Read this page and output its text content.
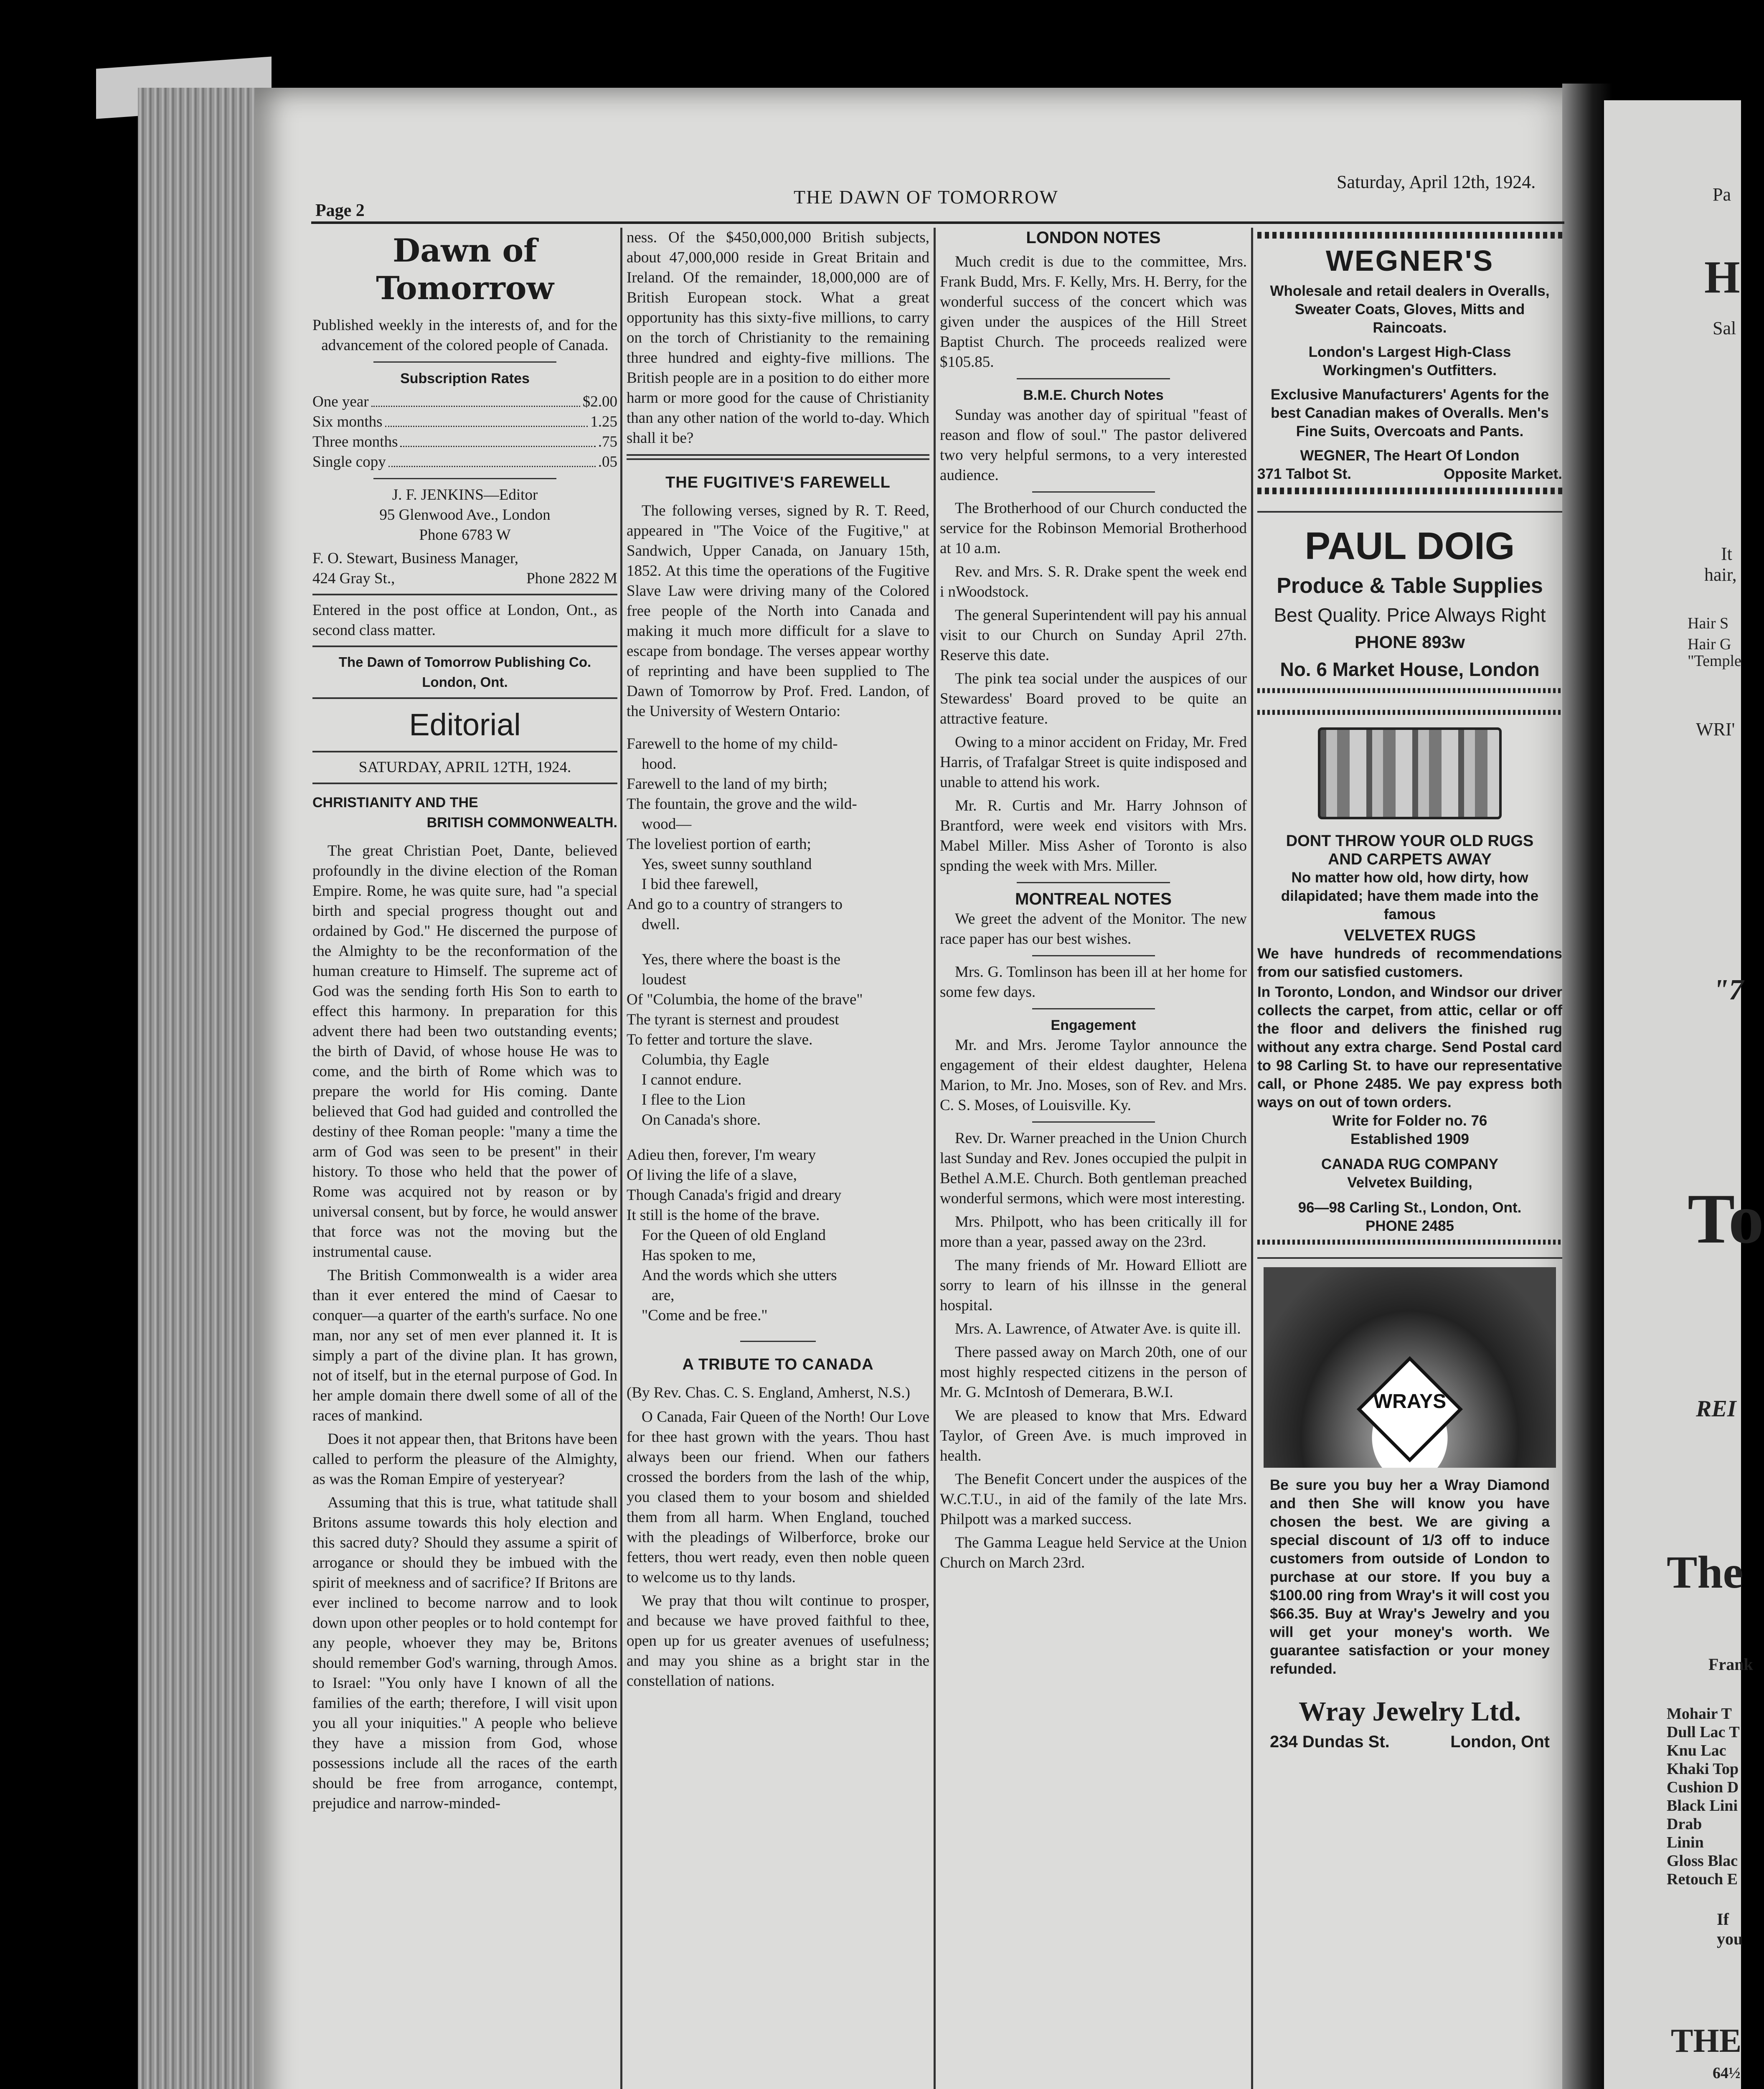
Page 2
THE DAWN OF TOMORROW
Saturday, April 12th, 1924.
Dawn of Tomorrow
Published weekly in the interests of, and for the advancement of the colored people of Canada.
Subscription Rates
One year	$2.00
Six months	1.25
Three months	.75
Single copy	.05
J. F. JENKINS—Editor
95 Glenwood Ave., London
Phone 6783 W
F. O. Stewart, Business Manager,
424 Gray St.,	Phone 2822 M
Entered in the post office at London, Ont., as second class matter.
The Dawn of Tomorrow Publishing Co.
London, Ont.
Editorial
SATURDAY, APRIL 12TH, 1924.
CHRISTIANITY AND THE
BRITISH COMMONWEALTH.

The great Christian Poet, Dante, believed profoundly in the divine election of the Roman Empire. Rome, he was quite sure, had "a special birth and special progress thought out and ordained by God." He discerned the purpose of the Almighty to be the reconformation of the human creature to Himself. The supreme act of God was the sending forth His Son to earth to effect this harmony. In preparation for this advent there had been two outstanding events; the birth of David, of whose house He was to come, and the birth of Rome which was to prepare the world for His coming. Dante believed that God had guided and controlled the destiny of thee Roman people: "many a time the arm of God was seen to be present" in their history. To those who held that the power of Rome was acquired not by reason or by universal consent, but by force, he would answer that force was not the moving but the instrumental cause.

The British Commonwealth is a wider area than it ever entered the mind of Caesar to conquer—a quarter of the earth's surface. No one man, nor any set of men ever planned it. It is simply a part of the divine plan. It has grown, not of itself, but in the eternal purpose of God. In her ample domain there dwell some of all of the races of mankind.

Does it not appear then, that Britons have been called to perform the pleasure of the Almighty, as was the Roman Empire of yesteryear?

Assuming that this is true, what tatitude shall Britons assume towards this holy election and this sacred duty? Should they assume a spirit of arrogance or should they be imbued with the spirit of meekness and of sacrifice? If Britons are ever inclined to become narrow and to look down upon other peoples or to hold contempt for any people, whoever they may be, Britons should remember God's warning, through Amos. to Israel: "You only have I known of all the families of the earth; therefore, I will visit upon you all your iniquities." A people who believe they have a mission from God, whose possessions include all the races of the earth should be free from arrogance, contempt, prejudice and narrow-minded-

ness. Of the $450,000,000 British subjects, about 47,000,000 reside in Great Britain and Ireland. Of the remainder, 18,000,000 are of British European stock. What a great opportunity has this sixty-five millions, to carry on the torch of Christianity to the remaining three hundred and eighty-five millions. The British people are in a position to do either more harm or more good for the cause of Christianity than any other nation of the world to-day. Which shall it be?
THE FUGITIVE'S FAREWELL

The following verses, signed by R. T. Reed, appeared in "The Voice of the Fugitive," at Sandwich, Upper Canada, on January 15th, 1852. At this time the operations of the Fugitive Slave Law were driving many of the Colored free people of the North into Canada and making it much more difficult for a slave to escape from bondage. The verses appear worthy of reprinting and have been supplied to The Dawn of Tomorrow by Prof. Fred. Landon, of the University of Western Ontario:

Farewell to the home of my child-

hood.

Farewell to the land of my birth;

The fountain, the grove and the wild-

wood—

The loveliest portion of earth;

Yes, sweet sunny southland

I bid thee farewell,

And go to a country of strangers to

dwell.

Yes, there where the boast is the

loudest

Of "Columbia, the home of the brave"

The tyrant is sternest and proudest

To fetter and torture the slave.

Columbia, thy Eagle

I cannot endure.

I flee to the Lion

On Canada's shore.

Adieu then, forever, I'm weary

Of living the life of a slave,

Though Canada's frigid and dreary

It still is the home of the brave.

For the Queen of old England

Has spoken to me,

And the words which she utters

are,

"Come and be free."

A TRIBUTE TO CANADA
(By Rev. Chas. C. S. England, Amherst, N.S.)

O Canada, Fair Queen of the North! Our Love for thee hast grown with the years. Thou hast always been our friend. When our fathers crossed the borders from the lash of the whip, you clased them to your bosom and shielded them from all harm. When England, touched with the pleadings of Wilberforce, broke our fetters, thou wert ready, even then noble queen to welcome us to thy lands.

We pray that thou wilt continue to prosper, and because we have proved faithful to thee, open up for us greater avenues of usefulness; and may you shine as a bright star in the constellation of nations.

LONDON NOTES

Much credit is due to the committee, Mrs. Frank Budd, Mrs. F. Kelly, Mrs. H. Berry, for the wonderful success of the concert which was given under the auspices of the Hill Street Baptist Church. The proceeds realized were $105.85.

B.M.E. Church Notes

Sunday was another day of spiritual "feast of reason and flow of soul." The pastor delivered two very helpful sermons, to a very interested audience.

The Brotherhood of our Church conducted the service for the Robinson Memorial Brotherhood at 10 a.m.

Rev. and Mrs. S. R. Drake spent the week end i nWoodstock.

The general Superintendent will pay his annual visit to our Church on Sunday April 27th. Reserve this date.

The pink tea social under the auspices of our Stewardess' Board proved to be quite an attractive feature.

Owing to a minor accident on Friday, Mr. Fred Harris, of Trafalgar Street is quite indisposed and unable to attend his work.

Mr. R. Curtis and Mr. Harry Johnson of Brantford, were week end visitors with Mrs. Mabel Miller. Miss Asher of Toronto is also spnding the week with Mrs. Miller.

MONTREAL NOTES

We greet the advent of the Monitor. The new race paper has our best wishes.

Mrs. G. Tomlinson has been ill at her home for some few days.

Engagement

Mr. and Mrs. Jerome Taylor announce the engagement of their eldest daughter, Helena Marion, to Mr. Jno. Moses, son of Rev. and Mrs. C. S. Moses, of Louisville. Ky.

Rev. Dr. Warner preached in the Union Church last Sunday and Rev. Jones occupied the pulpit in Bethel A.M.E. Church. Both gentleman preached wonderful sermons, which were most interesting.

Mrs. Philpott, who has been critically ill for more than a year, passed away on the 23rd.

The many friends of Mr. Howard Elliott are sorry to learn of his illnsse in the general hospital.

Mrs. A. Lawrence, of Atwater Ave. is quite ill.

There passed away on March 20th, one of our most highly respected citizens in the person of Mr. G. McIntosh of Demerara, B.W.I.

We are pleased to know that Mrs. Edward Taylor, of Green Ave. is much improved in health.

The Benefit Concert under the auspices of the W.C.T.U., in aid of the family of the late Mrs. Philpott was a marked success.

The Gamma League held Service at the Union Church on March 23rd.

WEGNER'S
Wholesale and retail dealers in Overalls, Sweater Coats, Gloves, Mitts and Raincoats.
London's Largest High-Class Workingmen's Outfitters.
Exclusive Manufacturers' Agents for the best Canadian makes of Overalls. Men's Fine Suits, Overcoats and Pants.
WEGNER, The Heart Of London
371 Talbot St.	Opposite Market.
PAUL DOIG
Produce & Table Supplies
Best Quality. Price Always Right
PHONE 893w
No. 6 Market House, London
DONT THROW YOUR OLD RUGS
AND CARPETS AWAY
No matter how old, how dirty, how dilapidated; have them made into the famous
VELVETEX RUGS
We have hundreds of recommendations from our satisfied customers.
In Toronto, London, and Windsor our driver collects the carpet, from attic, cellar or off the floor and delivers the finished rug without any extra charge. Send Postal card to 98 Carling St. to have our representative call, or Phone 2485. We pay express both ways on out of town orders.
Write for Folder no. 76
Established 1909
CANADA RUG COMPANY
Velvetex Building,
96—98 Carling St., London, Ont.
PHONE 2485
WRAYS
Be sure you buy her a Wray Diamond and then She will know you have chosen the best. We are giving a special discount of 1/3 off to induce customers from outside of London to purchase at our store. If you buy a $100.00 ring from Wray's it will cost you $66.35. Buy at Wray's Jewelry and you will get your money's worth. We guarantee satisfaction or your money refunded.
Wray Jewelry Ltd.
234 Dundas St.	London, Ont
Pa
H
Sal
It
hair,
Hair S
Hair G
"Temple
WRI'
"7
To
REI
The
Frank
Mohair T
Dull Lac T
Knu Lac
Khaki Top
Cushion D
Black Lini
Drab Linin
Gloss Blac
Retouch E
If you
THE
64½
